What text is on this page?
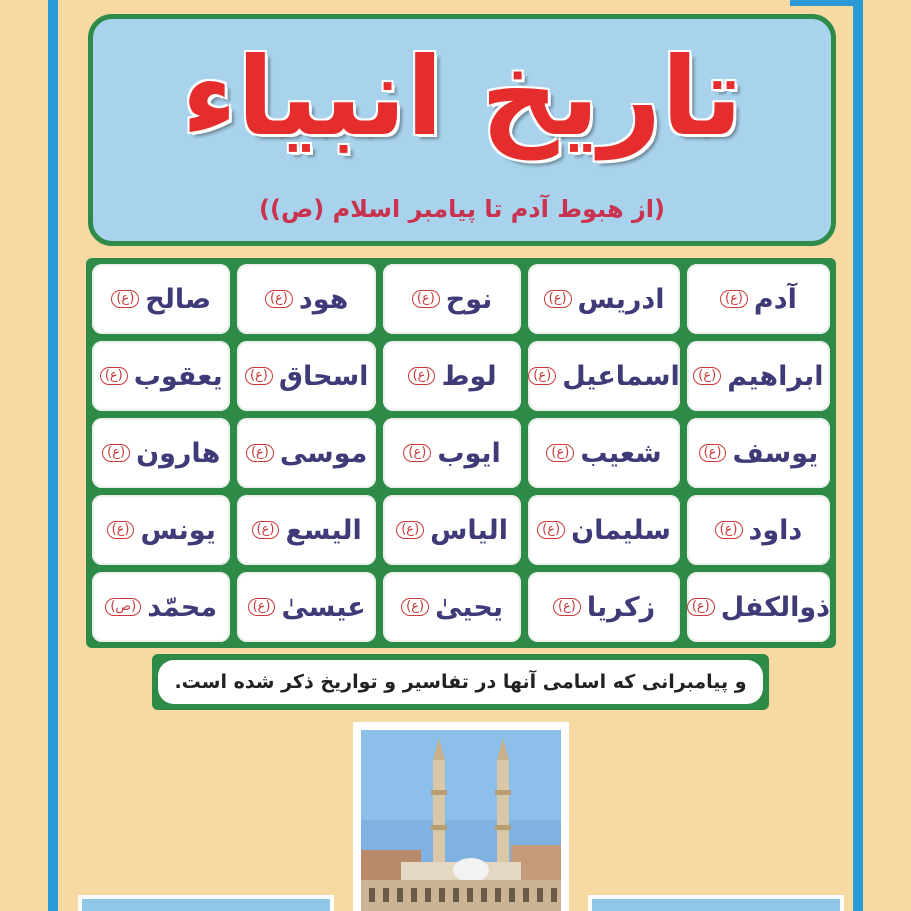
تاریخ انبیاء
(از هبوط آدم تا پیامبر اسلام (ص))
آدم
(ع)
ادریس
(ع)
نوح
(ع)
هود
(ع)
صالح
(ع)
ابراهیم
(ع)
اسماعیل
(ع)
لوط
(ع)
اسحاق
(ع)
یعقوب
(ع)
یوسف
(ع)
شعیب
(ع)
ایوب
(ع)
موسی
(ع)
هارون
(ع)
داود
(ع)
سلیمان
(ع)
الیاس
(ع)
الیسع
(ع)
یونس
(ع)
ذوالکفل
(ع)
زکریا
(ع)
یحییٰ
(ع)
عیسیٰ
(ع)
محمّد
(ص)
و پیامبرانی که اسامی آنها در تفاسیر و تواریخ ذکر شده است.
